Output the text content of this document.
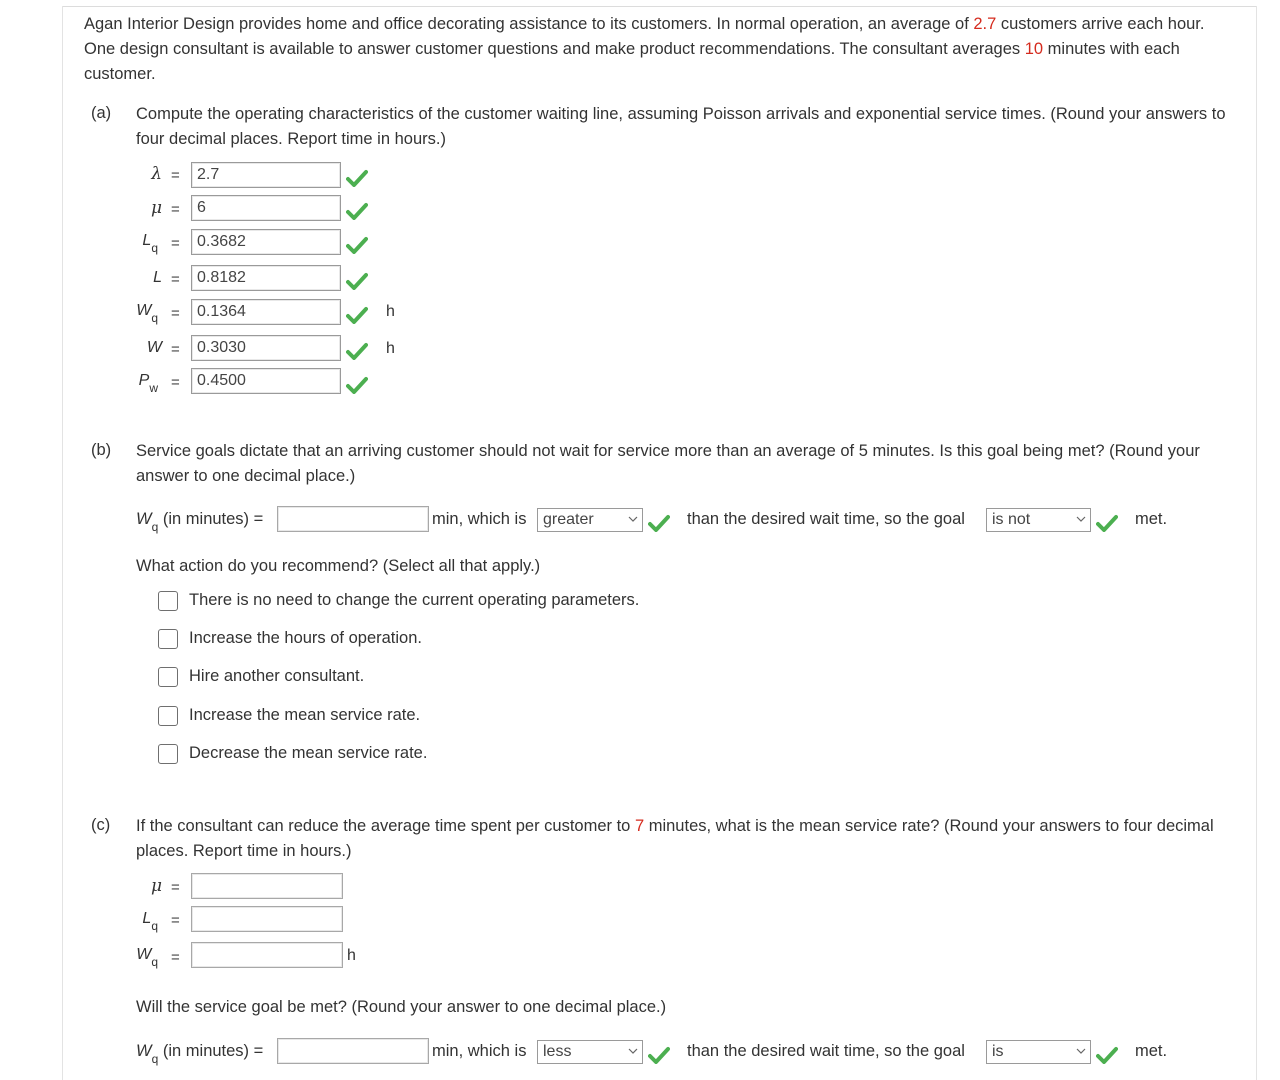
Agan Interior Design provides home and office decorating assistance to its customers. In normal operation, an average of 2.7 customers arrive each hour. One design consultant is available to answer customer questions and make product recommendations. The consultant averages 10 minutes with each customer.

(a) Compute the operating characteristics of the customer waiting line, assuming Poisson arrivals and exponential service times. (Round your answers to four decimal places. Report time in hours.)

λ =	2.7
μ =	6
$L_q$ =	0.3682
L =	0.8182
$W_q$ =	0.1364	h
W =	0.3030	h
$P_w$ =	0.4500
(b) Service goals dictate that an arriving customer should not wait for service more than an average of 5 minutes. Is this goal being met? (Round your answer to one decimal place.)

$W_q$ (in minutes) =	min, which is	greater	than the desired wait time, so the goal	is not	met.
What action do you recommend? (Select all that apply.)
There is no need to change the current operating parameters.
Increase the hours of operation.
Hire another consultant.
Increase the mean service rate.
Decrease the mean service rate.
(c) If the consultant can reduce the average time spent per customer to 7 minutes, what is the mean service rate? (Round your answers to four decimal places. Report time in hours.)

μ =
$L_q$ =
$W_q$ =	h
Will the service goal be met? (Round your answer to one decimal place.)
$W_q$ (in minutes) =	min, which is	less	than the desired wait time, so the goal	is	met.
